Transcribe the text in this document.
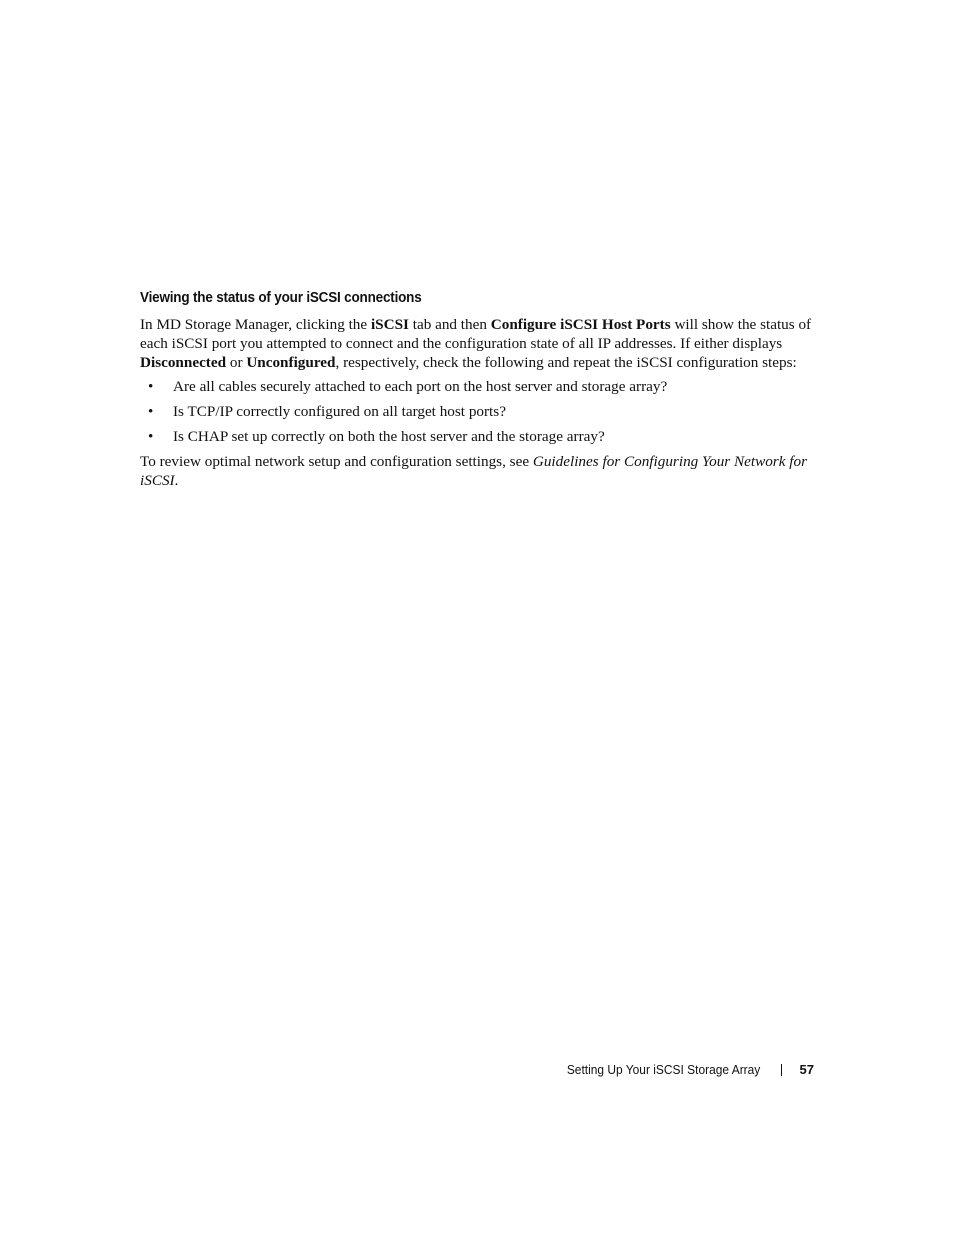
Viewing the status of your iSCSI connections

In MD Storage Manager, clicking the iSCSI tab and then Configure iSCSI Host Ports will show the status of each iSCSI port you attempted to connect and the configuration state of all IP addresses. If either displays Disconnected or Unconfigured, respectively, check the following and repeat the iSCSI configuration steps:

• Are all cables securely attached to each port on the host server and storage array?
• Is TCP/IP correctly configured on all target host ports?
• Is CHAP set up correctly on both the host server and the storage array?

To review optimal network setup and configuration settings, see Guidelines for Configuring Your Network for iSCSI.

Setting Up Your iSCSI Storage Array	57
